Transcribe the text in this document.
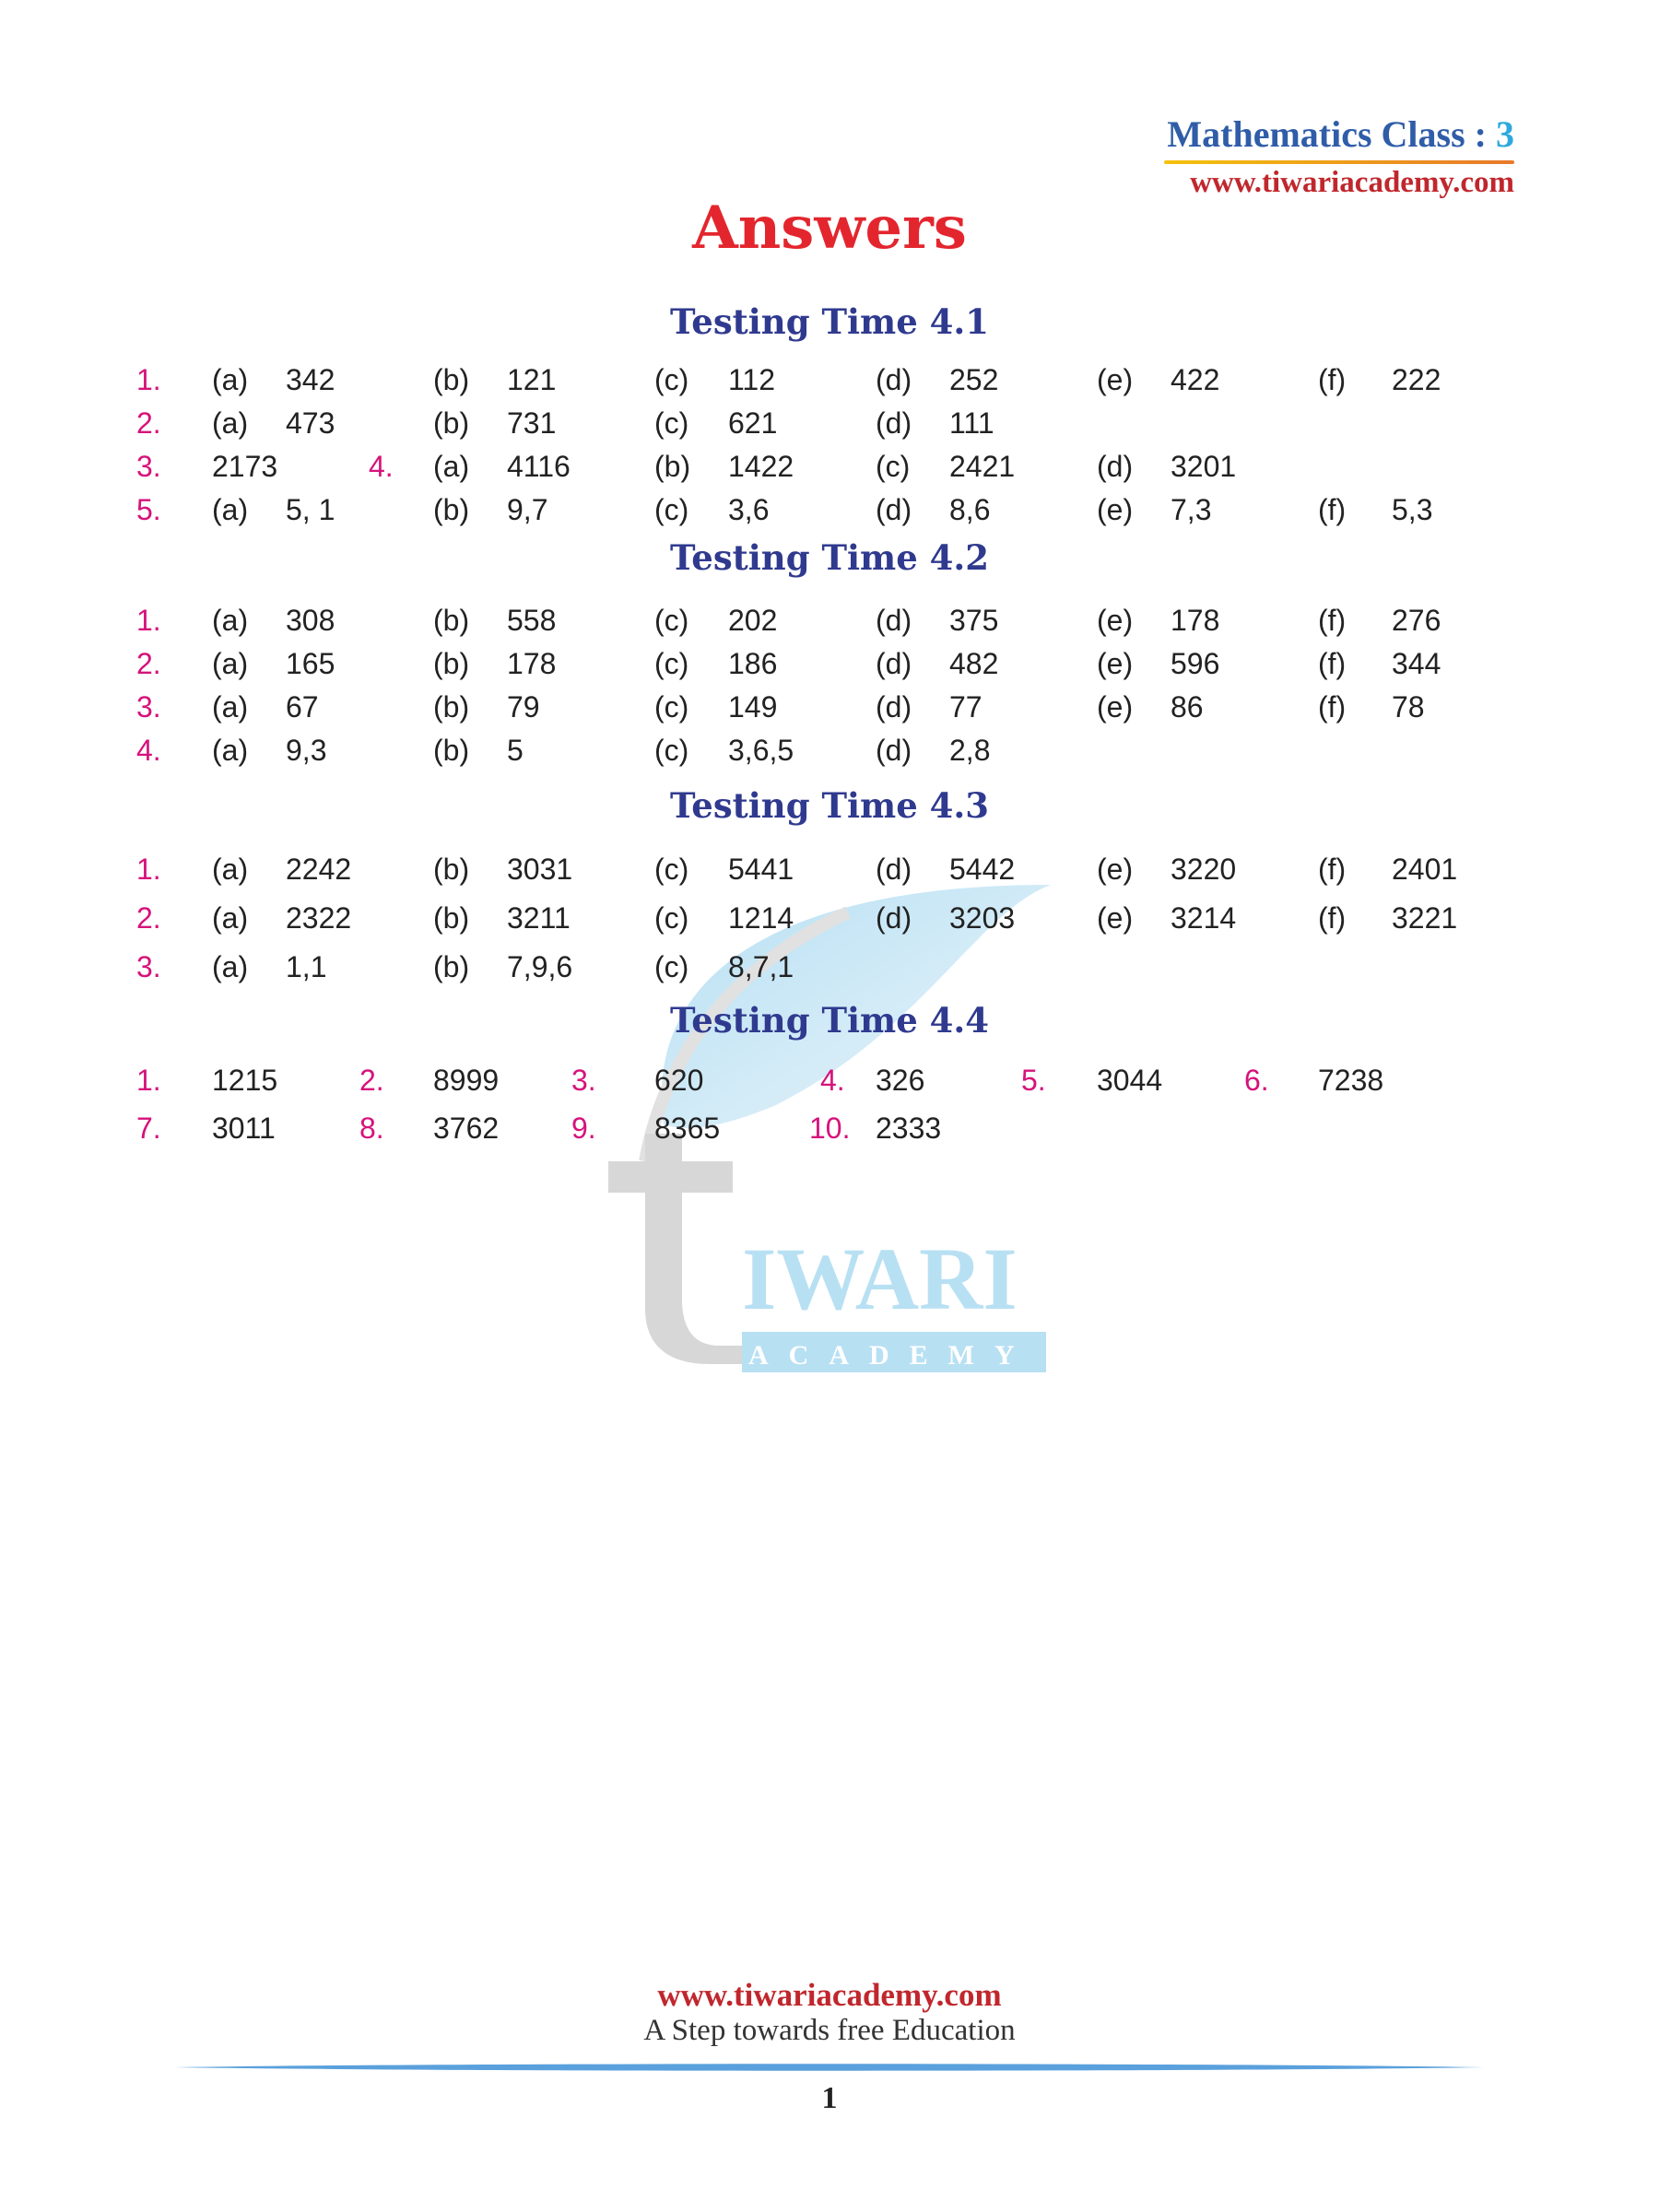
Mathematics Class : 3
www.tiwariacademy.com
Answers
IWARI
ACADEMY
Testing Time 4.1
1. (a) 342	(b) 121	(c) 112	(d) 252	(e) 422	(f) 222
2. (a) 473	(b) 731	(c) 621	(d) 111
3. 2173	4. (a) 4116	(b) 1422	(c) 2421	(d) 3201
5. (a) 5, 1	(b) 9,7	(c) 3,6	(d) 8,6	(e) 7,3	(f) 5,3
Testing Time 4.2
1. (a) 308	(b) 558	(c) 202	(d) 375	(e) 178	(f) 276
2. (a) 165	(b) 178	(c) 186	(d) 482	(e) 596	(f) 344
3. (a) 67	(b) 79	(c) 149	(d) 77	(e) 86	(f) 78
4. (a) 9,3	(b) 5	(c) 3,6,5	(d) 2,8
Testing Time 4.3
1. (a) 2242	(b) 3031	(c) 5441	(d) 5442	(e) 3220	(f) 2401
2. (a) 2322	(b) 3211	(c) 1214	(d) 3203	(e) 3214	(f) 3221
3. (a) 1,1	(b) 7,9,6	(c) 8,7,1
Testing Time 4.4
1. 1215	2. 8999 3. 620	4. 326	5. 3044	6. 7238
7. 3011	8. 3762 9. 8365	10. 2333
www.tiwariacademy.com
A Step towards free Education
1
